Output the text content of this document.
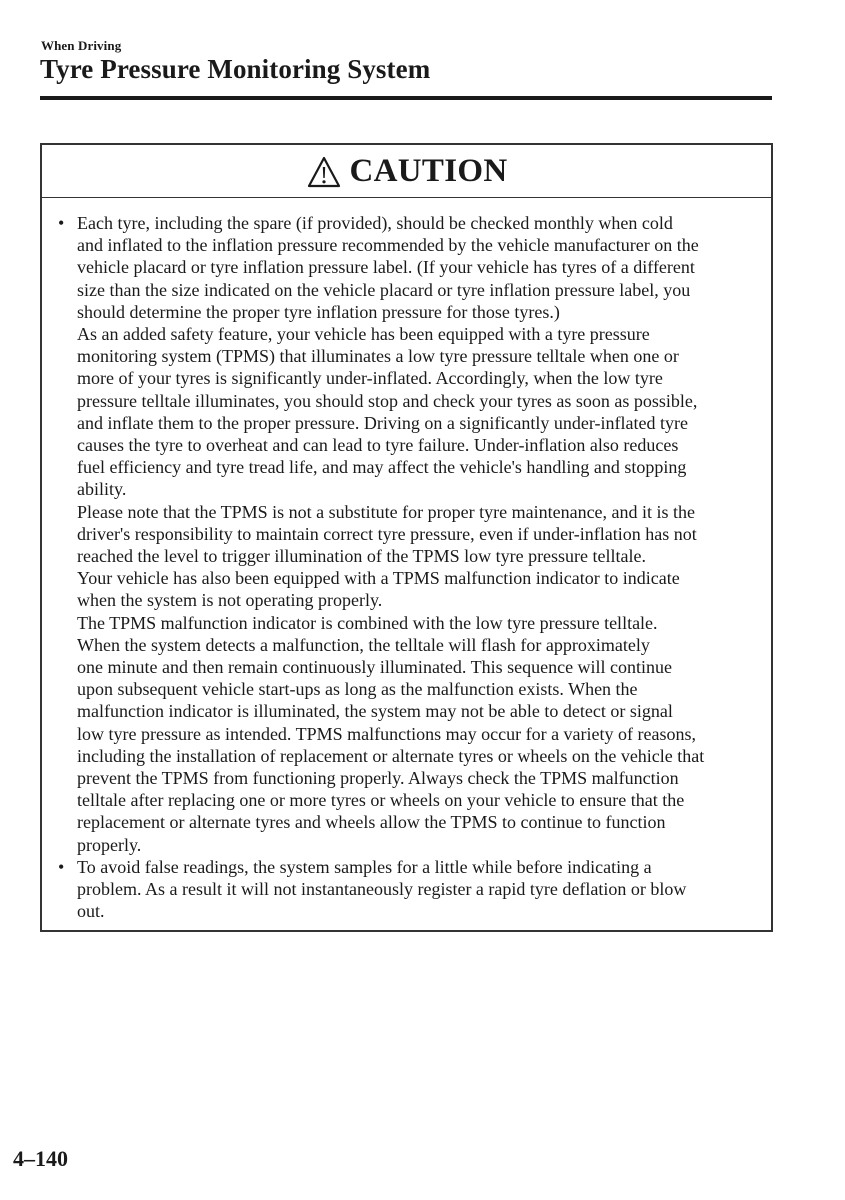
When Driving
Tyre Pressure Monitoring System
CAUTION
• Each tyre, including the spare (if provided), should be checked monthly when cold
and inflated to the inflation pressure recommended by the vehicle manufacturer on the
vehicle placard or tyre inflation pressure label. (If your vehicle has tyres of a different
size than the size indicated on the vehicle placard or tyre inflation pressure label, you
should determine the proper tyre inflation pressure for those tyres.)

As an added safety feature, your vehicle has been equipped with a tyre pressure
monitoring system (TPMS) that illuminates a low tyre pressure telltale when one or
more of your tyres is significantly under-inflated. Accordingly, when the low tyre
pressure telltale illuminates, you should stop and check your tyres as soon as possible,
and inflate them to the proper pressure. Driving on a significantly under-inflated tyre
causes the tyre to overheat and can lead to tyre failure. Under-inflation also reduces
fuel efficiency and tyre tread life, and may affect the vehicle's handling and stopping
ability.

Please note that the TPMS is not a substitute for proper tyre maintenance, and it is the
driver's responsibility to maintain correct tyre pressure, even if under-inflation has not
reached the level to trigger illumination of the TPMS low tyre pressure telltale.

Your vehicle has also been equipped with a TPMS malfunction indicator to indicate
when the system is not operating properly.

The TPMS malfunction indicator is combined with the low tyre pressure telltale.
When the system detects a malfunction, the telltale will flash for approximately
one minute and then remain continuously illuminated. This sequence will continue
upon subsequent vehicle start-ups as long as the malfunction exists. When the
malfunction indicator is illuminated, the system may not be able to detect or signal
low tyre pressure as intended. TPMS malfunctions may occur for a variety of reasons,
including the installation of replacement or alternate tyres or wheels on the vehicle that
prevent the TPMS from functioning properly. Always check the TPMS malfunction
telltale after replacing one or more tyres or wheels on your vehicle to ensure that the
replacement or alternate tyres and wheels allow the TPMS to continue to function
properly.

• To avoid false readings, the system samples for a little while before indicating a
problem. As a result it will not instantaneously register a rapid tyre deflation or blow
out.

4–140
